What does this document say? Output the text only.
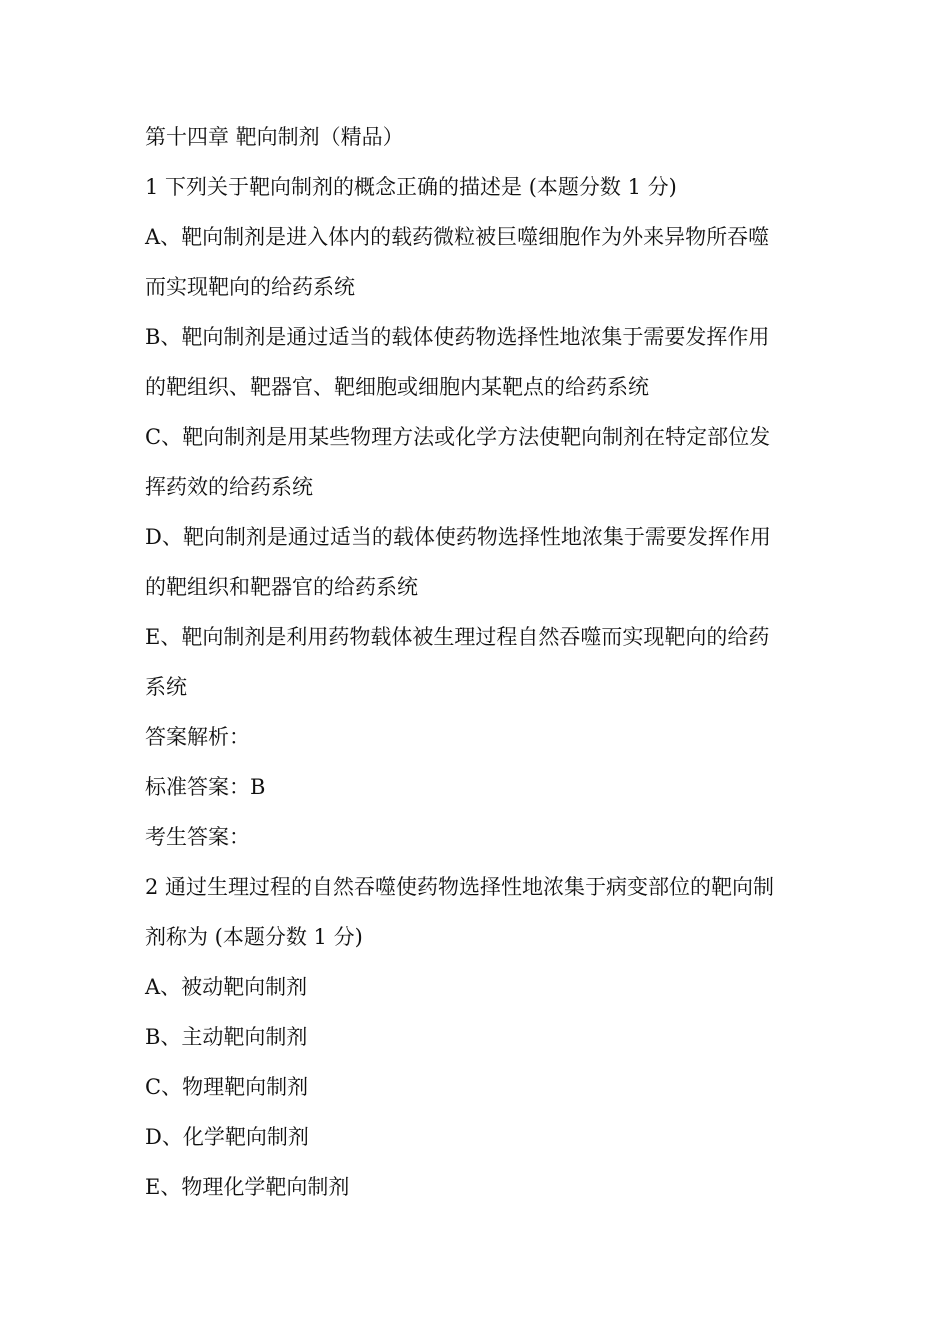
第十四章 靶向制剂（精品）
1 下列关于靶向制剂的概念正确的描述是 (本题分数 1 分)
A、靶向制剂是进入体内的载药微粒被巨噬细胞作为外来异物所吞噬
而实现靶向的给药系统
B、靶向制剂是通过适当的载体使药物选择性地浓集于需要发挥作用
的靶组织、靶器官、靶细胞或细胞内某靶点的给药系统
C、靶向制剂是用某些物理方法或化学方法使靶向制剂在特定部位发
挥药效的给药系统
D、靶向制剂是通过适当的载体使药物选择性地浓集于需要发挥作用
的靶组织和靶器官的给药系统
E、靶向制剂是利用药物载体被生理过程自然吞噬而实现靶向的给药
系统
答案解析：
标准答案：B
考生答案：
2 通过生理过程的自然吞噬使药物选择性地浓集于病变部位的靶向制
剂称为 (本题分数 1 分)
A、被动靶向制剂
B、主动靶向制剂
C、物理靶向制剂
D、化学靶向制剂
E、物理化学靶向制剂
